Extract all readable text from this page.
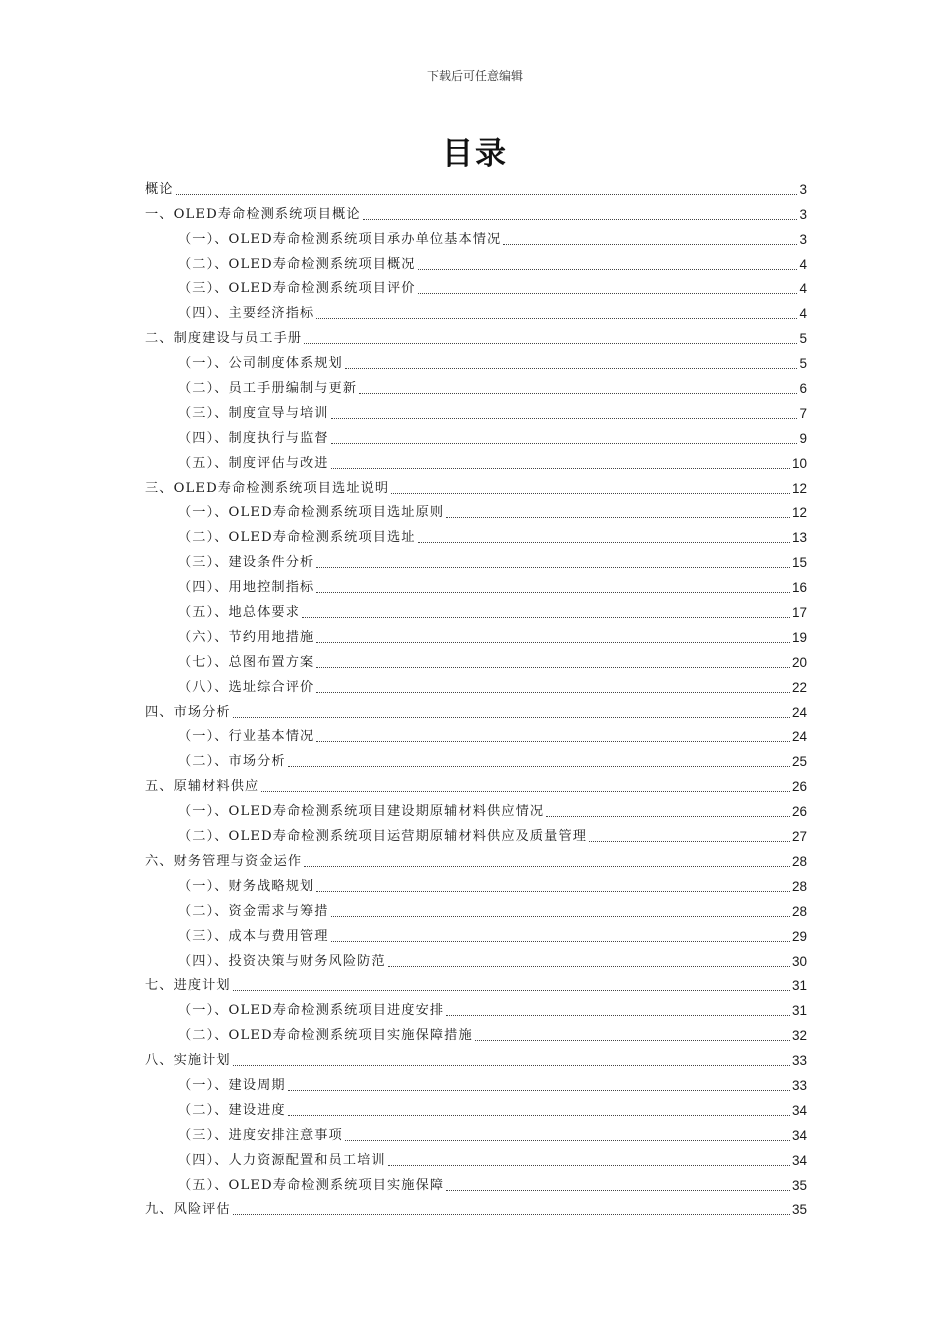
下载后可任意编辑
目录
概论	3
一、OLED寿命检测系统项目概论	3
（一）、OLED寿命检测系统项目承办单位基本情况	3
（二）、OLED寿命检测系统项目概况	4
（三）、OLED寿命检测系统项目评价	4
（四）、主要经济指标	4
二、制度建设与员工手册	5
（一）、公司制度体系规划	5
（二）、员工手册编制与更新	6
（三）、制度宣导与培训	7
（四）、制度执行与监督	9
（五）、制度评估与改进	10
三、OLED寿命检测系统项目选址说明	12
（一）、OLED寿命检测系统项目选址原则	12
（二）、OLED寿命检测系统项目选址	13
（三）、建设条件分析	15
（四）、用地控制指标	16
（五）、地总体要求	17
（六）、节约用地措施	19
（七）、总图布置方案	20
（八）、选址综合评价	22
四、市场分析	24
（一）、行业基本情况	24
（二）、市场分析	25
五、原辅材料供应	26
（一）、OLED寿命检测系统项目建设期原辅材料供应情况	26
（二）、OLED寿命检测系统项目运营期原辅材料供应及质量管理	27
六、财务管理与资金运作	28
（一）、财务战略规划	28
（二）、资金需求与筹措	28
（三）、成本与费用管理	29
（四）、投资决策与财务风险防范	30
七、进度计划	31
（一）、OLED寿命检测系统项目进度安排	31
（二）、OLED寿命检测系统项目实施保障措施	32
八、实施计划	33
（一）、建设周期	33
（二）、建设进度	34
（三）、进度安排注意事项	34
（四）、人力资源配置和员工培训	34
（五）、OLED寿命检测系统项目实施保障	35
九、风险评估	35
